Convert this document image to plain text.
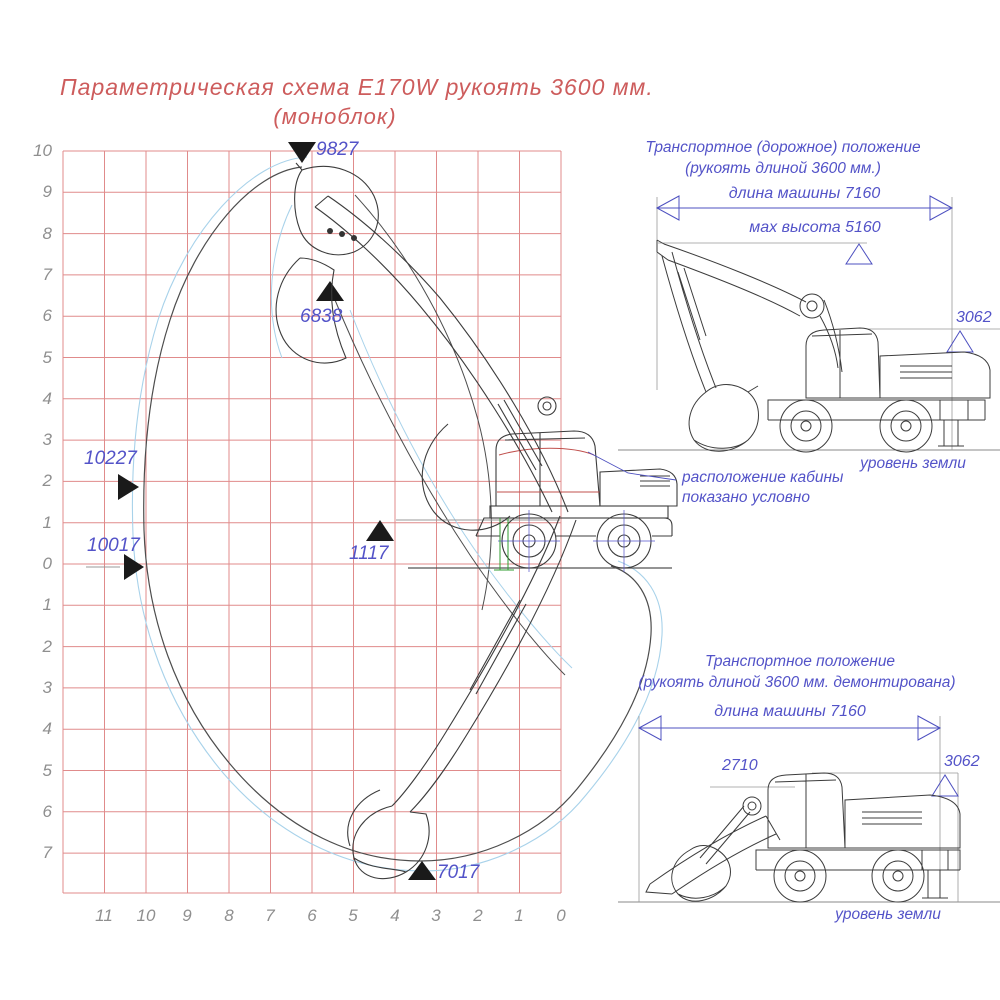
Параметрическая схема E170W рукоять 3600 мм.
(моноблок)
9827
6838
10227
10017	1117
7017
10
9
8
7
6
5
4
3
2
1
0
1
2
3
4
5
6
7
11	10	9	8	7	6	5	4	3	2	1	0
Транспортное (дорожное) положение
(рукоять длиной 3600 мм.)
длина машины 7160
мах высота 5160
3062
уровень земли
расположение кабины
показано условно
Транспортное положение
(рукоять длиной 3600 мм. демонтирована)
длина машины 7160
2710	3062
уровень земли
